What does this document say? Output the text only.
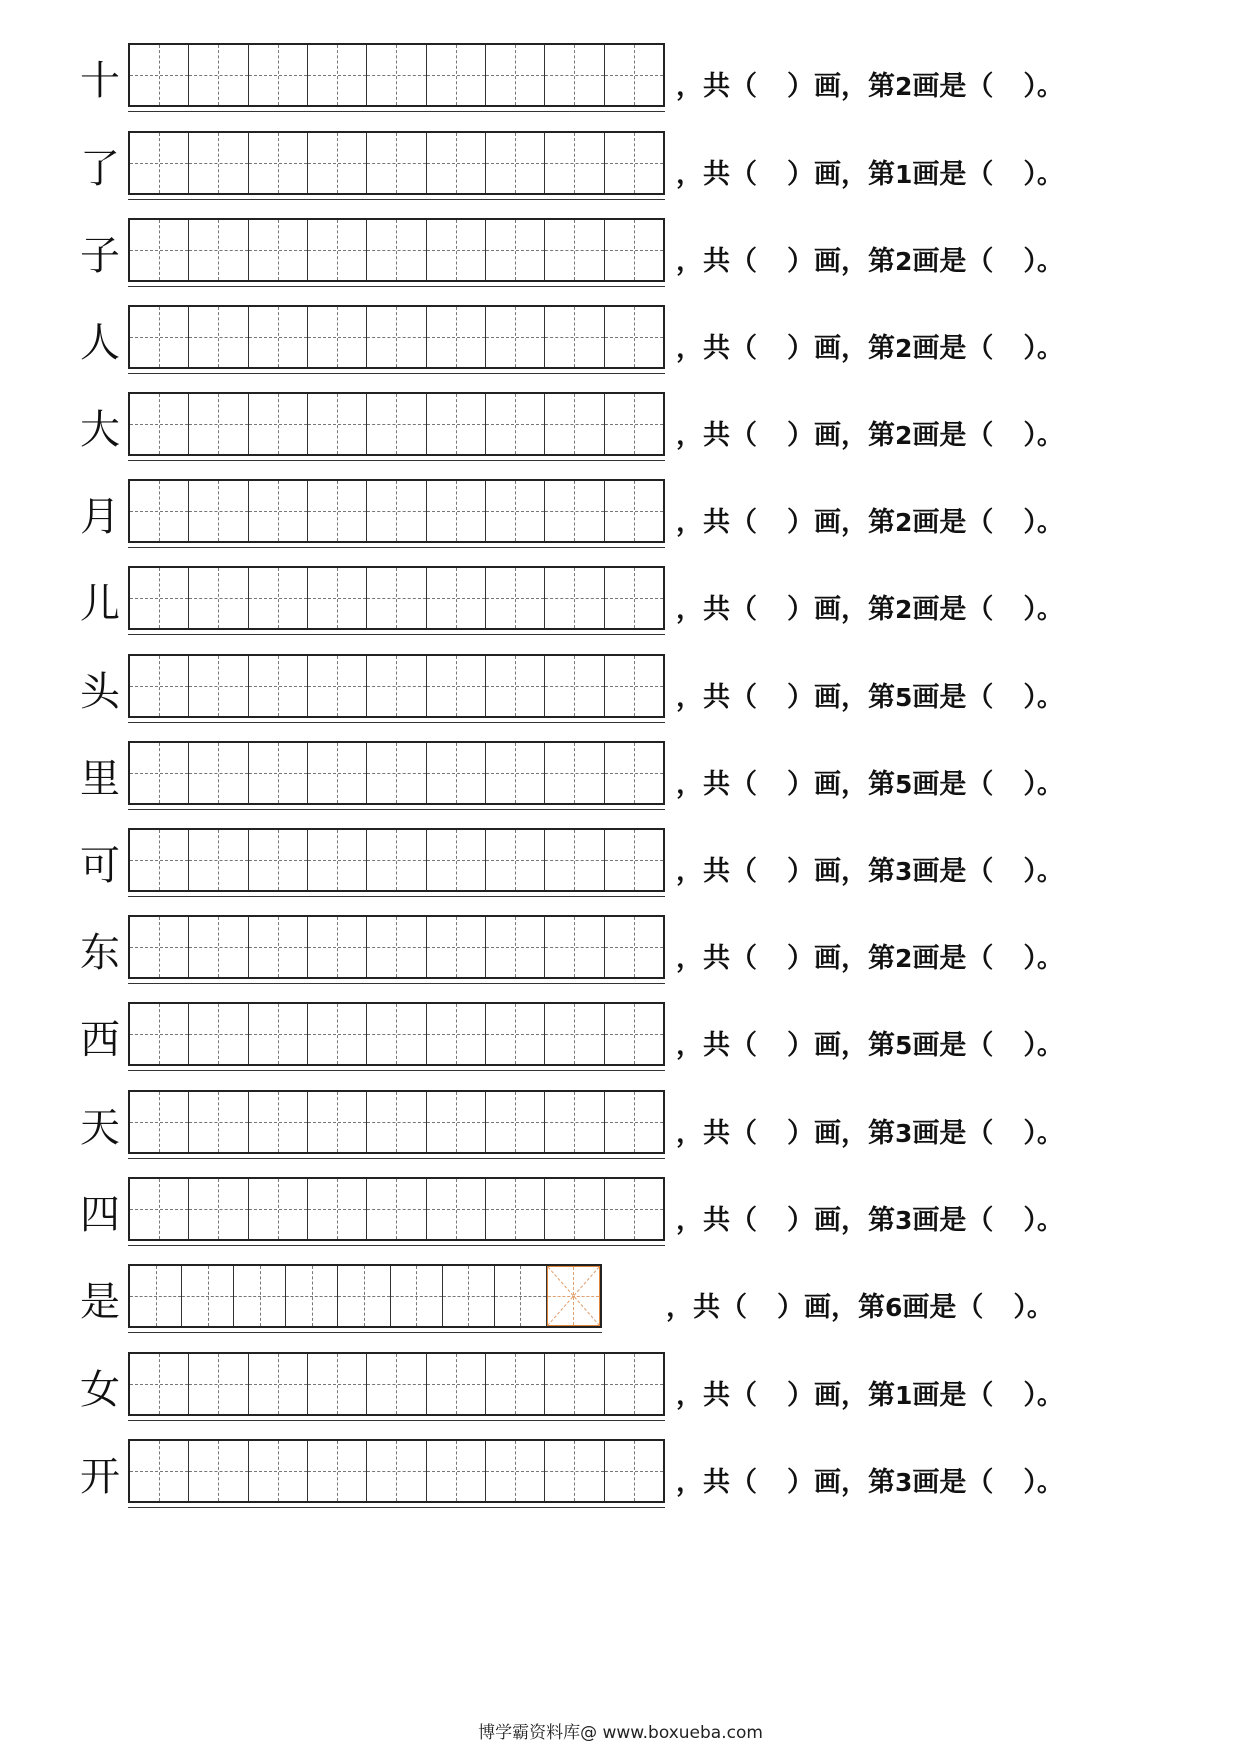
十	，共（ ）画，第2画是（ ）。
了	，共（ ）画，第1画是（ ）。
子	，共（ ）画，第2画是（ ）。
人	，共（ ）画，第2画是（ ）。
大	，共（ ）画，第2画是（ ）。
月	，共（ ）画，第2画是（ ）。
儿	，共（ ）画，第2画是（ ）。
头	，共（ ）画，第5画是（ ）。
里	，共（ ）画，第5画是（ ）。
可	，共（ ）画，第3画是（ ）。
东	，共（ ）画，第2画是（ ）。
西	，共（ ）画，第5画是（ ）。
天	，共（ ）画，第3画是（ ）。
四	，共（ ）画，第3画是（ ）。
是	，共（ ）画，第6画是（ ）。
女	，共（ ）画，第1画是（ ）。
开	，共（ ）画，第3画是（ ）。
博学霸资料库@ www.boxueba.com
